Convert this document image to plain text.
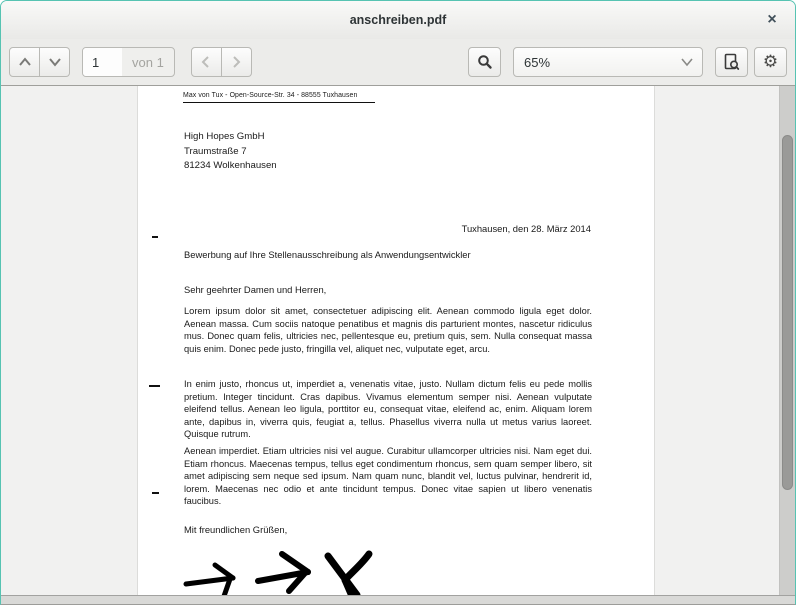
anschreiben.pdf	×
1
von 1	65%	⚙
Max von Tux - Open-Source-Str. 34 - 88555 Tuxhausen
High Hopes GmbH
Traumstraße 7
81234 Wolkenhausen
Tuxhausen, den 28. März 2014
Bewerbung auf Ihre Stellenausschreibung als Anwendungsentwickler
Sehr geehrter Damen und Herren,

Lorem ipsum dolor sit amet, consectetuer adipiscing elit. Aenean commodo ligula eget dolor. Aenean massa. Cum sociis natoque penatibus et magnis dis parturient montes, nascetur ridiculus mus. Donec quam felis, ultricies nec, pellentesque eu, pretium quis, sem. Nulla consequat massa quis enim. Donec pede justo, fringilla vel, aliquet nec, vulputate eget, arcu.

In enim justo, rhoncus ut, imperdiet a, venenatis vitae, justo. Nullam dictum felis eu pede mollis pretium. Integer tincidunt. Cras dapibus. Vivamus elementum semper nisi. Aenean vulputate eleifend tellus. Aenean leo ligula, porttitor eu, consequat vitae, eleifend ac, enim. Aliquam lorem ante, dapibus in, viverra quis, feugiat a, tellus. Phasellus viverra nulla ut metus varius laoreet. Quisque rutrum.

Aenean imperdiet. Etiam ultricies nisi vel augue. Curabitur ullamcorper ultricies nisi. Nam eget dui. Etiam rhoncus. Maecenas tempus, tellus eget condimentum rhoncus, sem quam semper libero, sit amet adipiscing sem neque sed ipsum. Nam quam nunc, blandit vel, luctus pulvinar, hendrerit id, lorem. Maecenas nec odio et ante tincidunt tempus. Donec vitae sapien ut libero venenatis faucibus.

Mit freundlichen Grüßen,
